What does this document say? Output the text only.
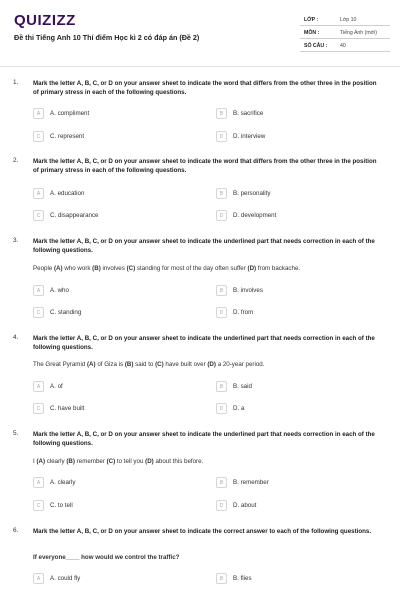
QUIZIZZ
Đề thi Tiếng Anh 10 Thí điểm Học kì 2 có đáp án (Đề 2)
LỚP :	Lớp 10
MÔN :	Tiếng Anh (mới)
SỐ CÂU : 40
1. Mark the letter A, B, C, or D on your answer sheet to indicate the word that differs from the other three in the position of primary stress in each of the following questions.
A	A. compliment	B	B. sacrifice
C	C. represent	D	D. interview
2. Mark the letter A, B, C, or D on your answer sheet to indicate the word that differs from the other three in the position of primary stress in each of the following questions.
A	A. education	B	B. personality
C	C. disappearance	D	D. development
3. Mark the letter A, B, C, or D on your answer sheet to indicate the underlined part that needs correction in each of the following questions.
People (A) who work (B) involves (C) standing for most of the day often suffer (D) from backache.
A	A. who	B	B. involves
C	C. standing	D	D. from
4. Mark the letter A, B, C, or D on your answer sheet to indicate the underlined part that needs correction in each of the following questions.
The Great Pyramid (A) of Giza is (B) said to (C) have built over (D) a 20-year period.
A	A. of	B	B. said
C	C. have built	D	D. a
5. Mark the letter A, B, C, or D on your answer sheet to indicate the underlined part that needs correction in each of the following questions.
I (A) clearly (B) remember (C) to tell you (D) about this before.
A	A. clearly	B	B. remember
C	C. to tell	D	D. about
6. Mark the letter A, B, C, or D on your answer sheet to indicate the correct answer to each of the following questions.
If everyone____ how would we control the traffic?
A	A. could fly	B	B. flies
